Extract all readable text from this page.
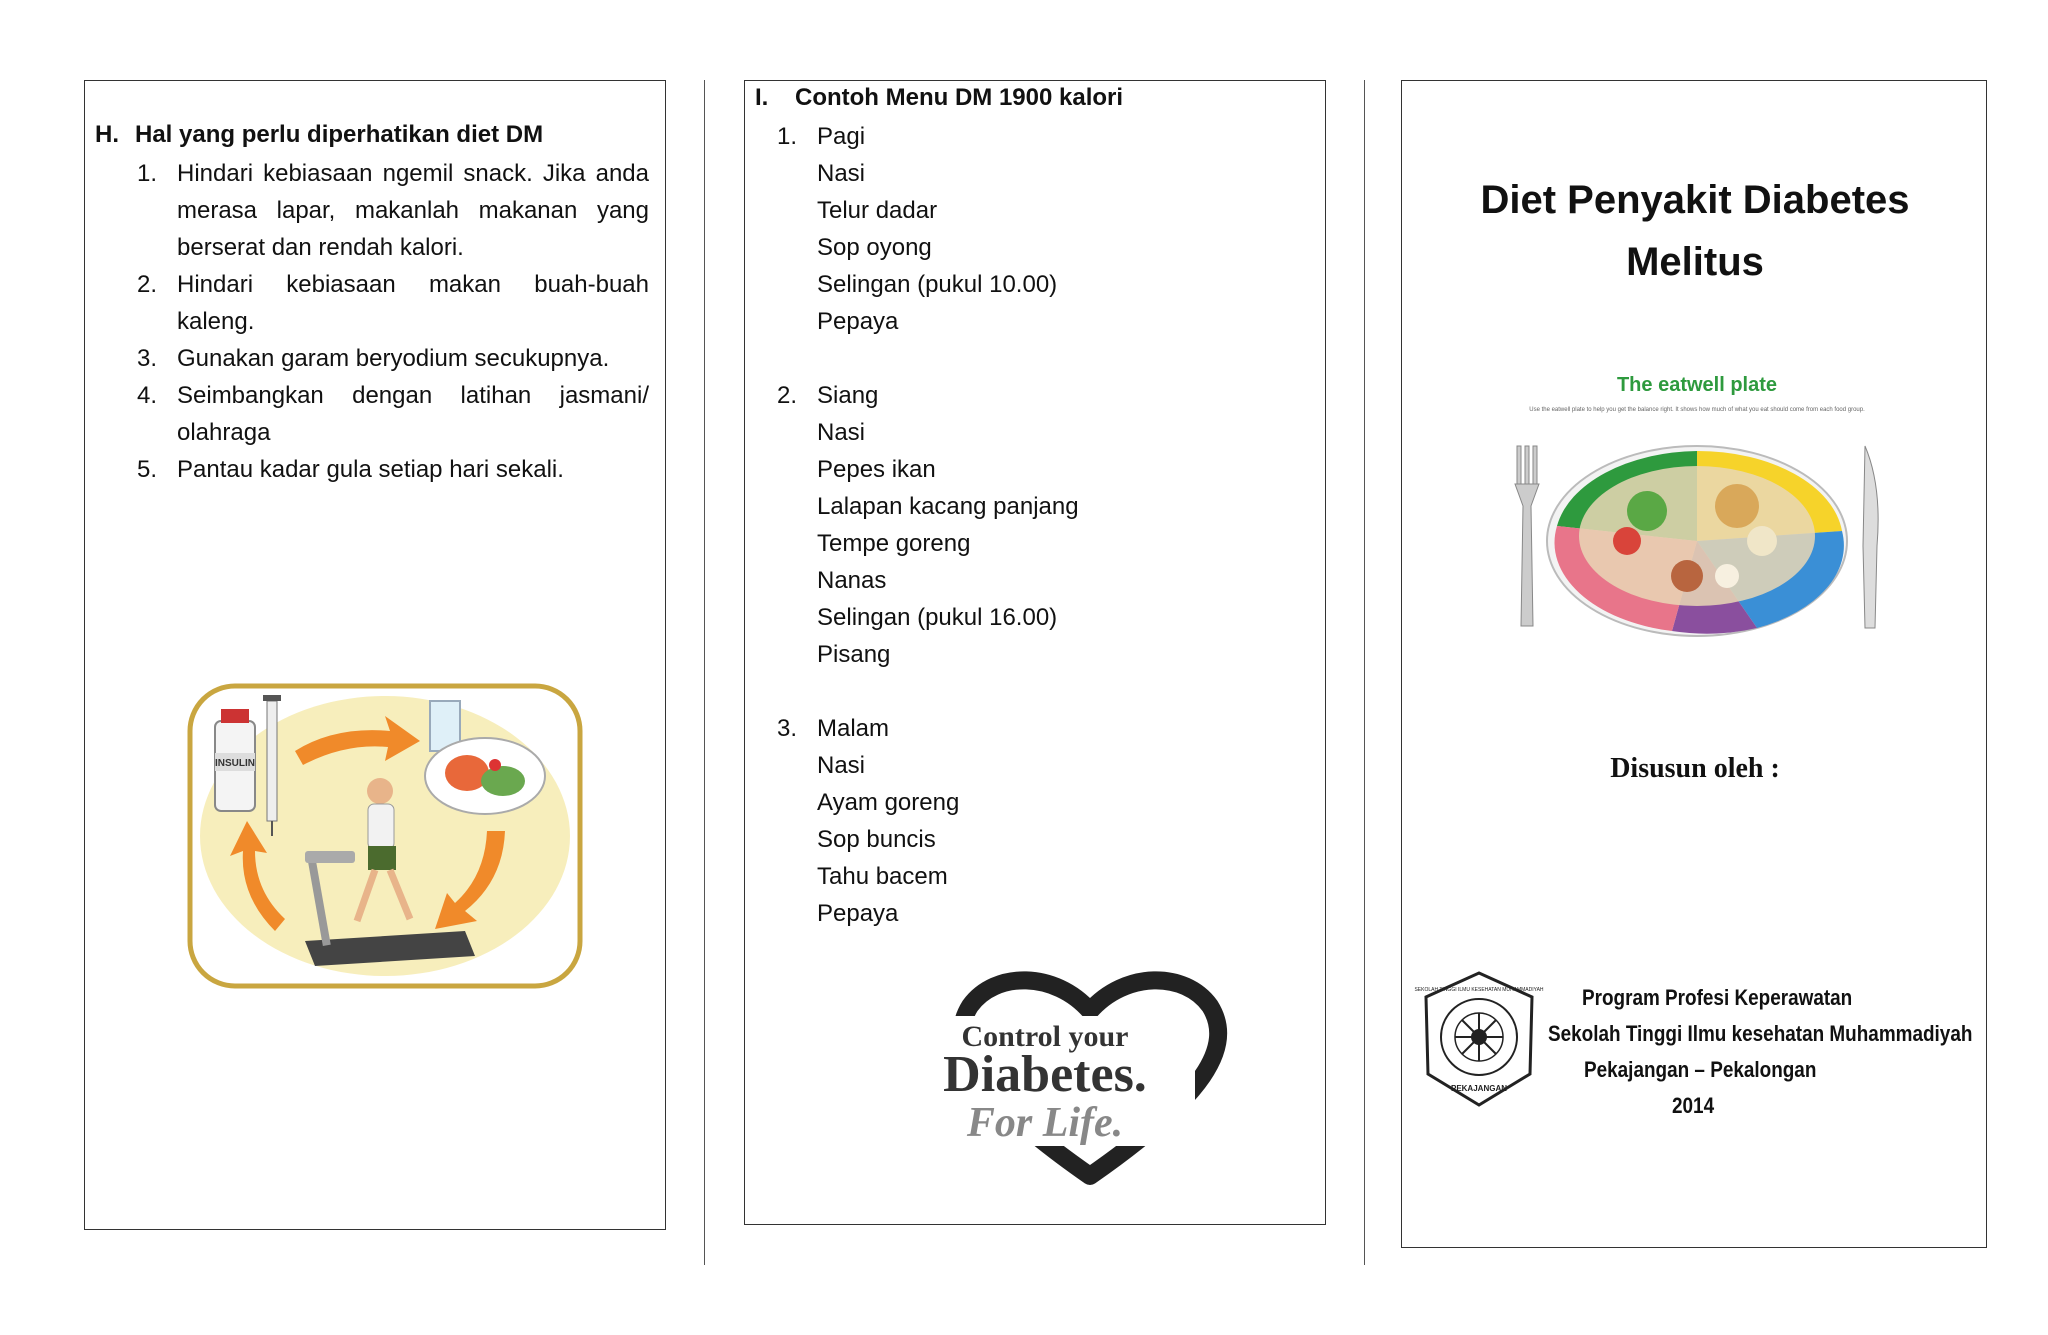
H. Hal yang perlu diperhatikan diet DM
1. Hindari kebiasaan ngemil snack. Jika anda merasa lapar, makanlah makanan yang berserat dan rendah kalori.
2. Hindari kebiasaan makan buah-buah kaleng.
3. Gunakan garam beryodium secukupnya.
4. Seimbangkan dengan latihan jasmani/ olahraga
5. Pantau kadar gula setiap hari sekali.
INSULIN
I. Contoh Menu DM 1900 kalori
1. Pagi
Nasi
Telur dadar
Sop oyong
Selingan (pukul 10.00)
Pepaya
2. Siang
Nasi
Pepes ikan
Lalapan kacang panjang
Tempe goreng
Nanas
Selingan (pukul 16.00)
Pisang
3. Malam
Nasi
Ayam goreng
Sop buncis
Tahu bacem
Pepaya
Control your
Diabetes.
For Life.
Diet Penyakit Diabetes
Melitus
The eatwell plate
Use the eatwell plate to help you get the balance right. It shows how much of what you eat should come from each food group.
Disusun oleh :
SEKOLAH TINGGI ILMU KESEHATAN MUHAMMADIYAH
PEKAJANGAN
Program Profesi Keperawatan
Sekolah Tinggi Ilmu kesehatan Muhammadiyah
Pekajangan – Pekalongan
2014
